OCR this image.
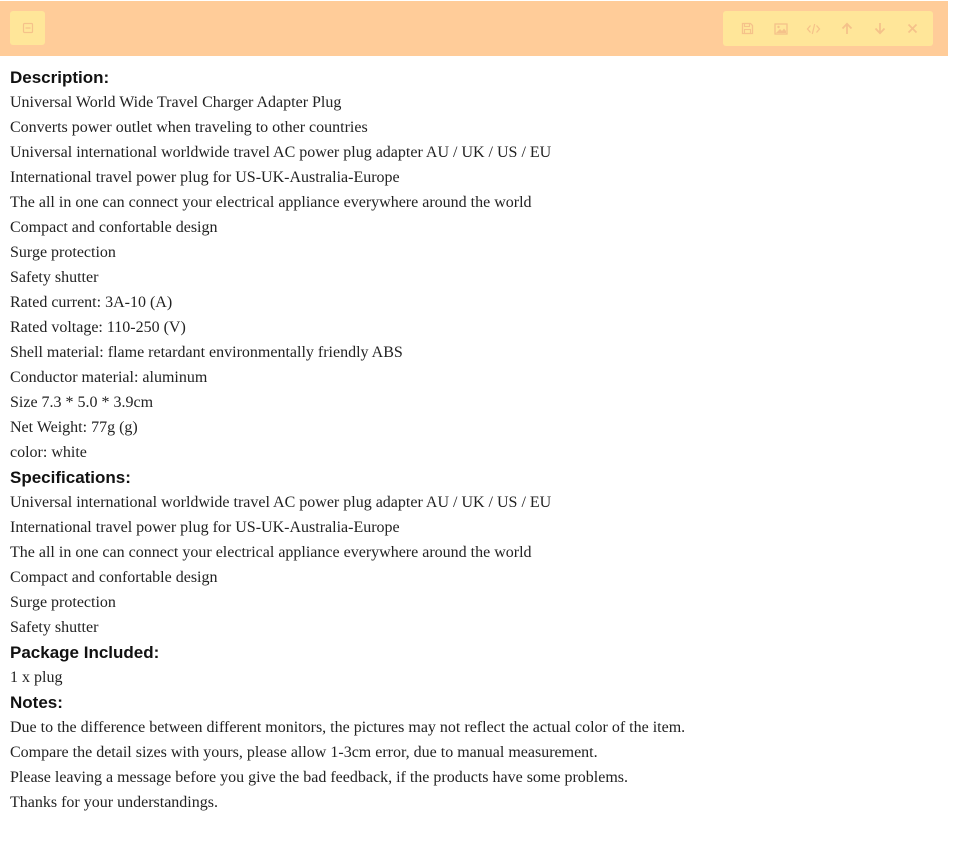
Description:
Universal World Wide Travel Charger Adapter Plug
Converts power outlet when traveling to other countries
Universal international worldwide travel AC power plug adapter AU / UK / US / EU
International travel power plug for US-UK-Australia-Europe
The all in one can connect your electrical appliance everywhere around the world
Compact and confortable design
Surge protection
Safety shutter
Rated current: 3A-10 (A)
Rated voltage: 110-250 (V)
Shell material: flame retardant environmentally friendly ABS
Conductor material: aluminum
Size 7.3 * 5.0 * 3.9cm
Net Weight: 77g (g)
color: white
Specifications:
Universal international worldwide travel AC power plug adapter AU / UK / US / EU
International travel power plug for US-UK-Australia-Europe
The all in one can connect your electrical appliance everywhere around the world
Compact and confortable design
Surge protection
Safety shutter
Package Included:
1 x plug
Notes:
Due to the difference between different monitors, the pictures may not reflect the actual color of the item.
Compare the detail sizes with yours, please allow 1-3cm error, due to manual measurement.
Please leaving a message before you give the bad feedback, if the products have some problems.
Thanks for your understandings.
